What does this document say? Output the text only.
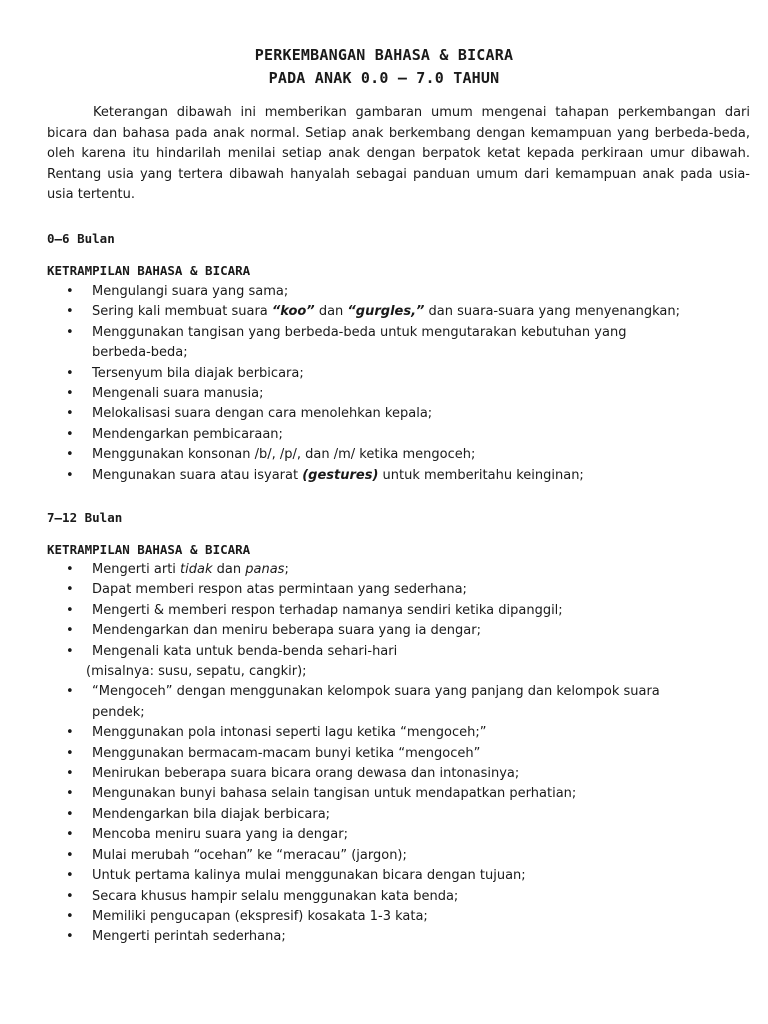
PERKEMBANGAN BAHASA & BICARA

PADA ANAK 0.0 – 7.0 TAHUN

Keterangan dibawah ini memberikan gambaran umum mengenai tahapan perkembangan dari bicara dan bahasa pada anak normal. Setiap anak berkembang dengan kemampuan yang berbeda-beda, oleh karena itu hindarilah menilai setiap anak dengan berpatok ketat kepada perkiraan umur dibawah. Rentang usia yang tertera dibawah hanyalah sebagai panduan umum dari kemampuan anak pada usia-usia tertentu.

0–6 Bulan

KETRAMPILAN BAHASA & BICARA

• Mengulangi suara yang sama;
• Sering kali membuat suara “koo” dan “gurgles,” dan suara-suara yang menyenangkan;
• Menggunakan tangisan yang berbeda-beda untuk mengutarakan kebutuhan yang
berbeda-beda;
• Tersenyum bila diajak berbicara;
• Mengenali suara manusia;
• Melokalisasi suara dengan cara menolehkan kepala;
• Mendengarkan pembicaraan;
• Menggunakan konsonan /b/, /p/, dan /m/ ketika mengoceh;
• Mengunakan suara atau isyarat (gestures) untuk memberitahu keinginan;

7–12 Bulan

KETRAMPILAN BAHASA & BICARA

• Mengerti arti tidak dan panas;
• Dapat memberi respon atas permintaan yang sederhana;
• Mengerti & memberi respon terhadap namanya sendiri ketika dipanggil;
• Mendengarkan dan meniru beberapa suara yang ia dengar;
• Mengenali kata untuk benda-benda sehari-hari
(misalnya: susu, sepatu, cangkir);
• “Mengoceh” dengan menggunakan kelompok suara yang panjang dan kelompok suara
pendek;
• Menggunakan pola intonasi seperti lagu ketika “mengoceh;”
• Menggunakan bermacam-macam bunyi ketika “mengoceh”
• Menirukan beberapa suara bicara orang dewasa dan intonasinya;
• Mengunakan bunyi bahasa selain tangisan untuk mendapatkan perhatian;
• Mendengarkan bila diajak berbicara;
• Mencoba meniru suara yang ia dengar;
• Mulai merubah “ocehan” ke “meracau” (jargon);
• Untuk pertama kalinya mulai menggunakan bicara dengan tujuan;
• Secara khusus hampir selalu menggunakan kata benda;
• Memiliki pengucapan (ekspresif) kosakata 1-3 kata;
• Mengerti perintah sederhana;
